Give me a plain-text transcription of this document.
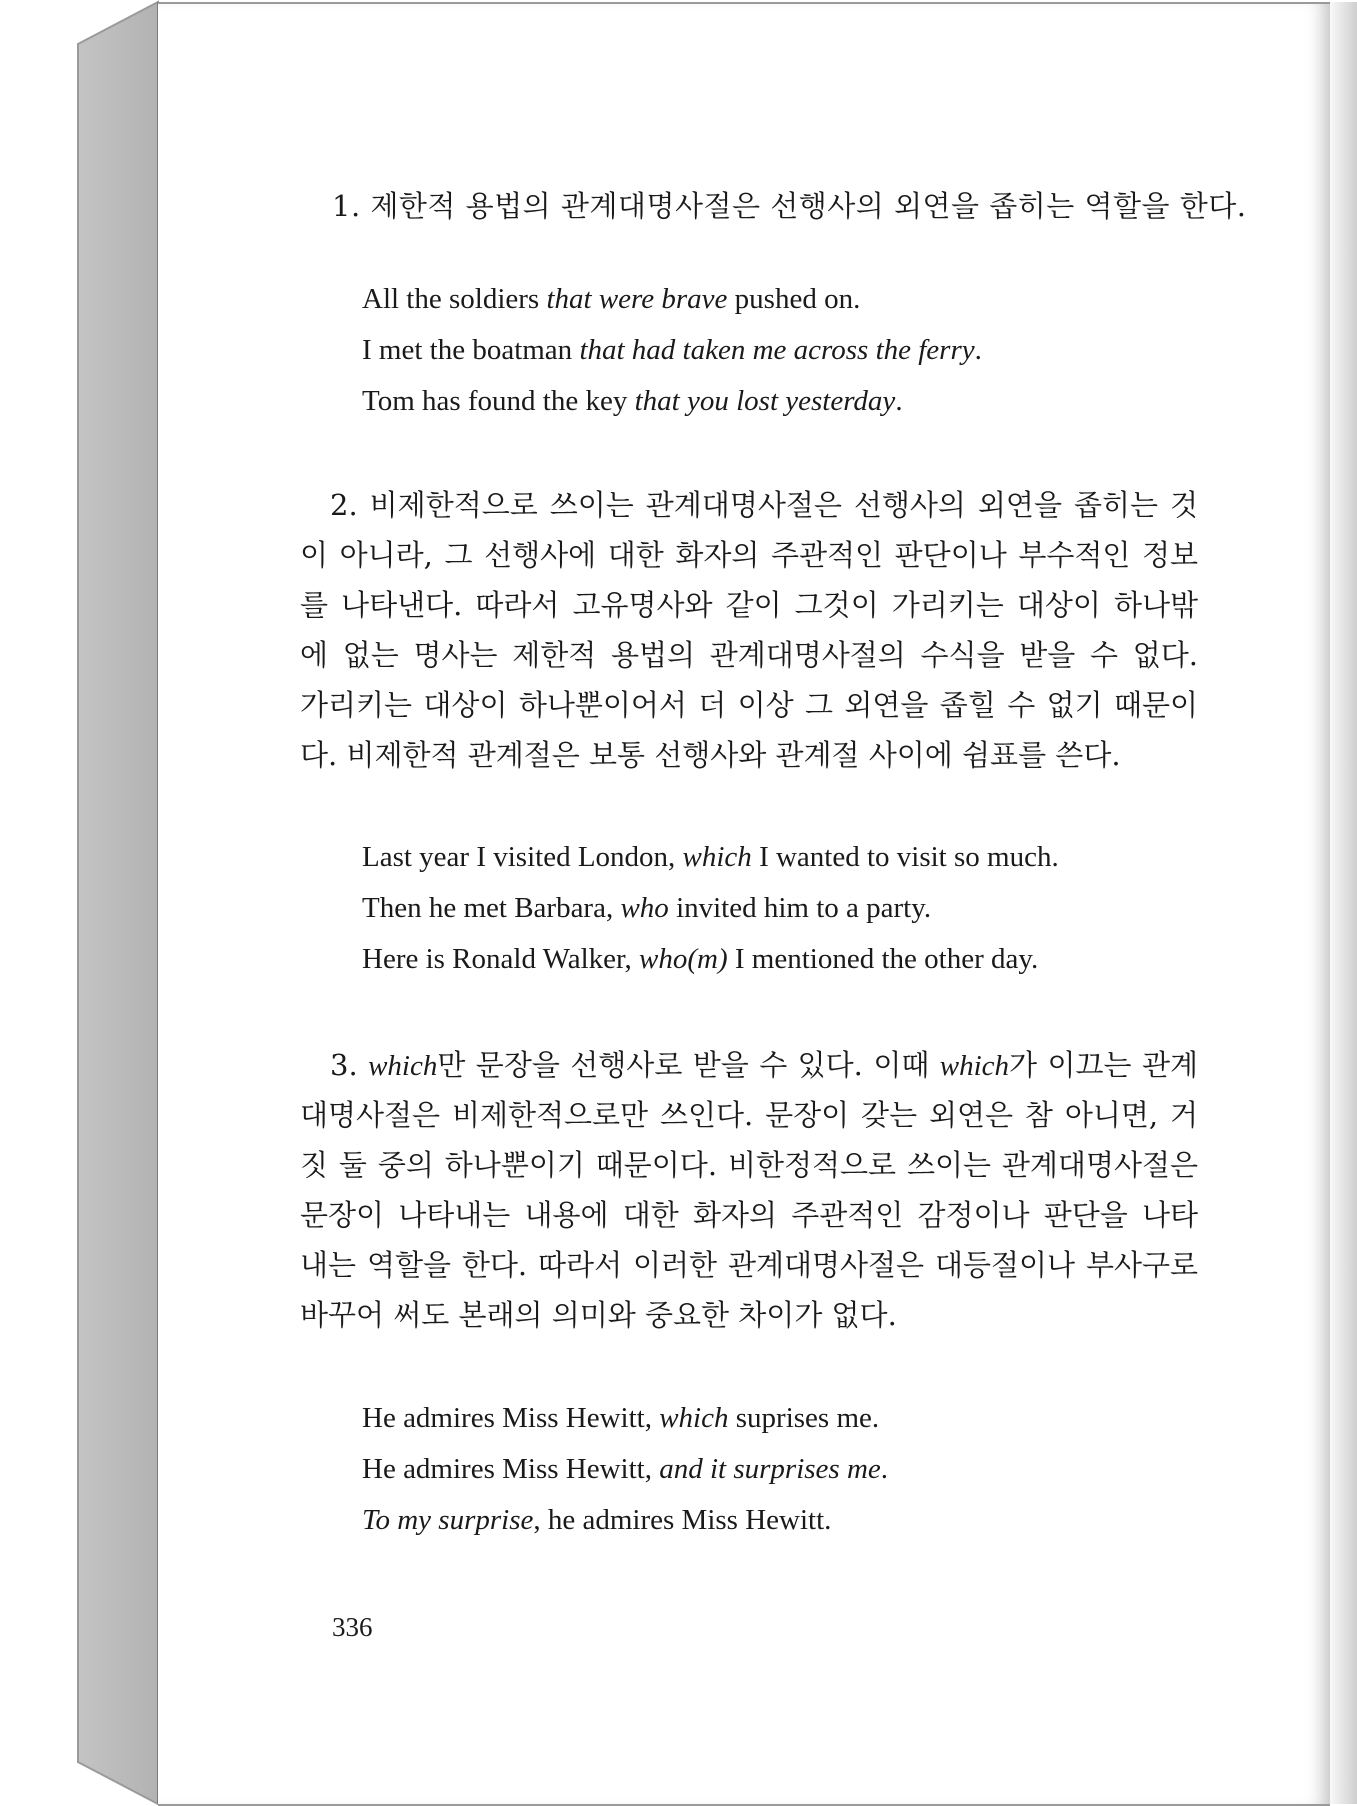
1. 제한적 용법의 관계대명사절은 선행사의 외연을 좁히는 역할을 한다.
All the soldiers that were brave pushed on.
I met the boatman that had taken me across the ferry.
Tom has found the key that you lost yesterday.
2. 비제한적으로 쓰이는 관계대명사절은 선행사의 외연을 좁히는 것
이 아니라, 그 선행사에 대한 화자의 주관적인 판단이나 부수적인 정보
를 나타낸다. 따라서 고유명사와 같이 그것이 가리키는 대상이 하나밖
에 없는 명사는 제한적 용법의 관계대명사절의 수식을 받을 수 없다.
가리키는 대상이 하나뿐이어서 더 이상 그 외연을 좁힐 수 없기 때문이
다. 비제한적 관계절은 보통 선행사와 관계절 사이에 쉼표를 쓴다.
Last year I visited London, which I wanted to visit so much.
Then he met Barbara, who invited him to a party.
Here is Ronald Walker, who(m) I mentioned the other day.
3. which만 문장을 선행사로 받을 수 있다. 이때 which가 이끄는 관계
대명사절은 비제한적으로만 쓰인다. 문장이 갖는 외연은 참 아니면, 거
짓 둘 중의 하나뿐이기 때문이다. 비한정적으로 쓰이는 관계대명사절은
문장이 나타내는 내용에 대한 화자의 주관적인 감정이나 판단을 나타
내는 역할을 한다. 따라서 이러한 관계대명사절은 대등절이나 부사구로
바꾸어 써도 본래의 의미와 중요한 차이가 없다.
He admires Miss Hewitt, which suprises me.
He admires Miss Hewitt, and it surprises me.
To my surprise, he admires Miss Hewitt.
336
